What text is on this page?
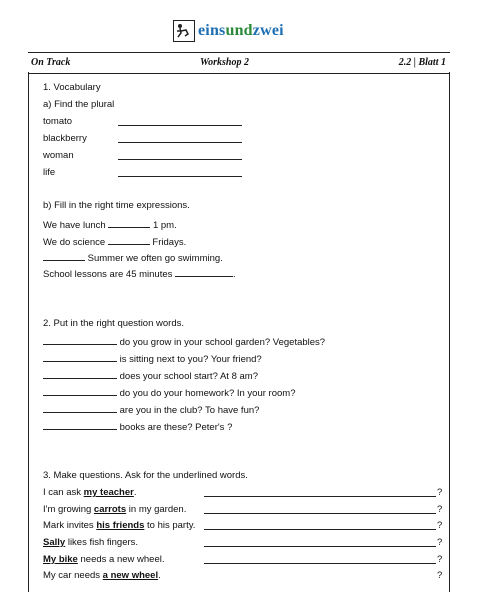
einsundzwei
On Track	Workshop 2	2.2 | Blatt 1
1. Vocabulary
a) Find the plural
tomato
blackberry
woman
life
b) Fill in the right time expressions.
We have lunch	1 pm.
We do science	Fridays.
Summer we often go swimming.
School lessons are 45 minutes	.
2. Put in the right question words.
do you grow in your school garden? Vegetables?
is sitting next to you? Your friend?
does your school start? At 8 am?
do you do your homework? In your room?
are you in the club? To have fun?
books are these? Peter's ?
3. Make questions. Ask for the underlined words.
I can ask my teacher.	?
I'm growing carrots in my garden.	?
Mark invites his friends to his party.	?
Sally likes fish fingers.	?
My bike needs a new wheel.	?
My car needs a new wheel.	?
